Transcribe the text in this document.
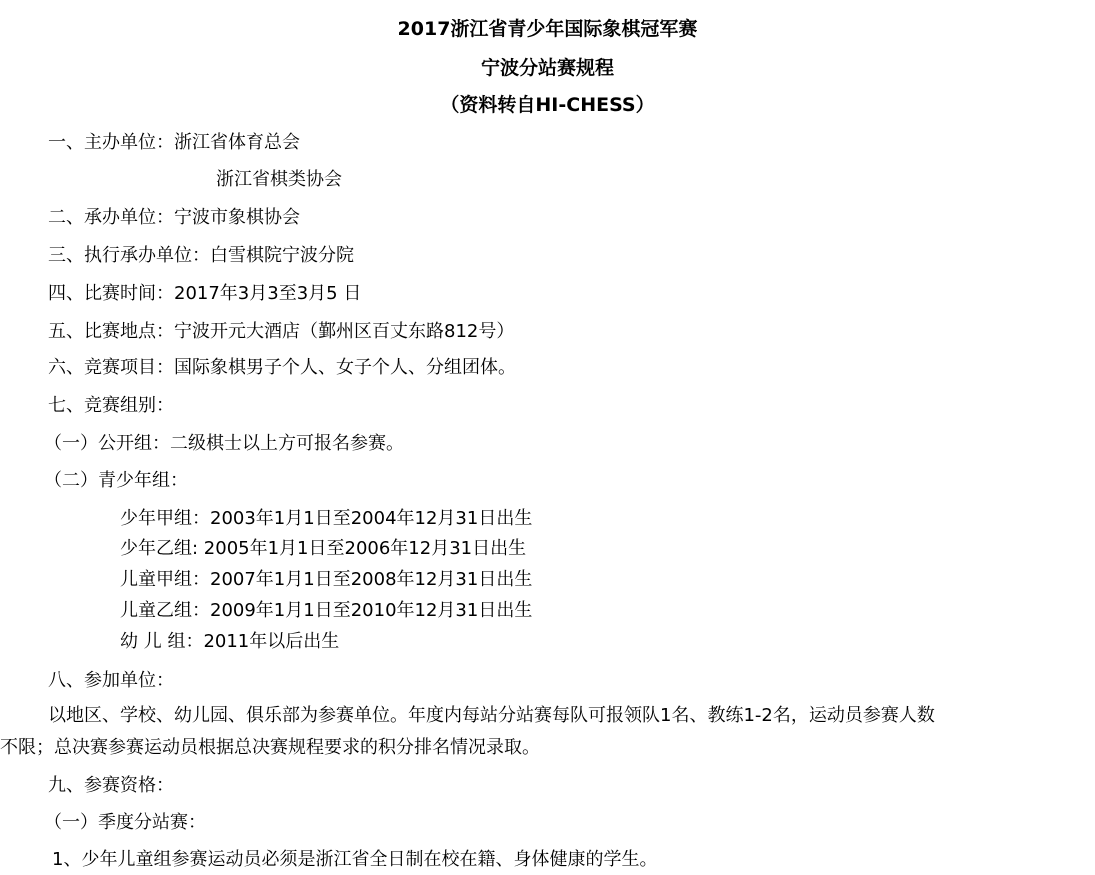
2017浙江省青少年国际象棋冠军赛
宁波分站赛规程
（资料转自HI-CHESS）
一、主办单位：浙江省体育总会
浙江省棋类协会
二、承办单位：宁波市象棋协会
三、执行承办单位：白雪棋院宁波分院
四、比赛时间：2017年3月3至3月5 日
五、比赛地点：宁波开元大酒店（鄞州区百丈东路812号）
六、竞赛项目：国际象棋男子个人、女子个人、分组团体。
七、竞赛组别：
（一）公开组：二级棋士以上方可报名参赛。
（二）青少年组：
少年甲组：2003年1月1日至2004年12月31日出生
少年乙组: 2005年1月1日至2006年12月31日出生
儿童甲组：2007年1月1日至2008年12月31日出生
儿童乙组：2009年1月1日至2010年12月31日出生
幼 儿 组：2011年以后出生
八、参加单位：
以地区、学校、幼儿园、俱乐部为参赛单位。年度内每站分站赛每队可报领队1名、教练1-2名，运动员参赛人数
不限；总决赛参赛运动员根据总决赛规程要求的积分排名情况录取。
九、参赛资格：
（一）季度分站赛：
1、少年儿童组参赛运动员必须是浙江省全日制在校在籍、身体健康的学生。
